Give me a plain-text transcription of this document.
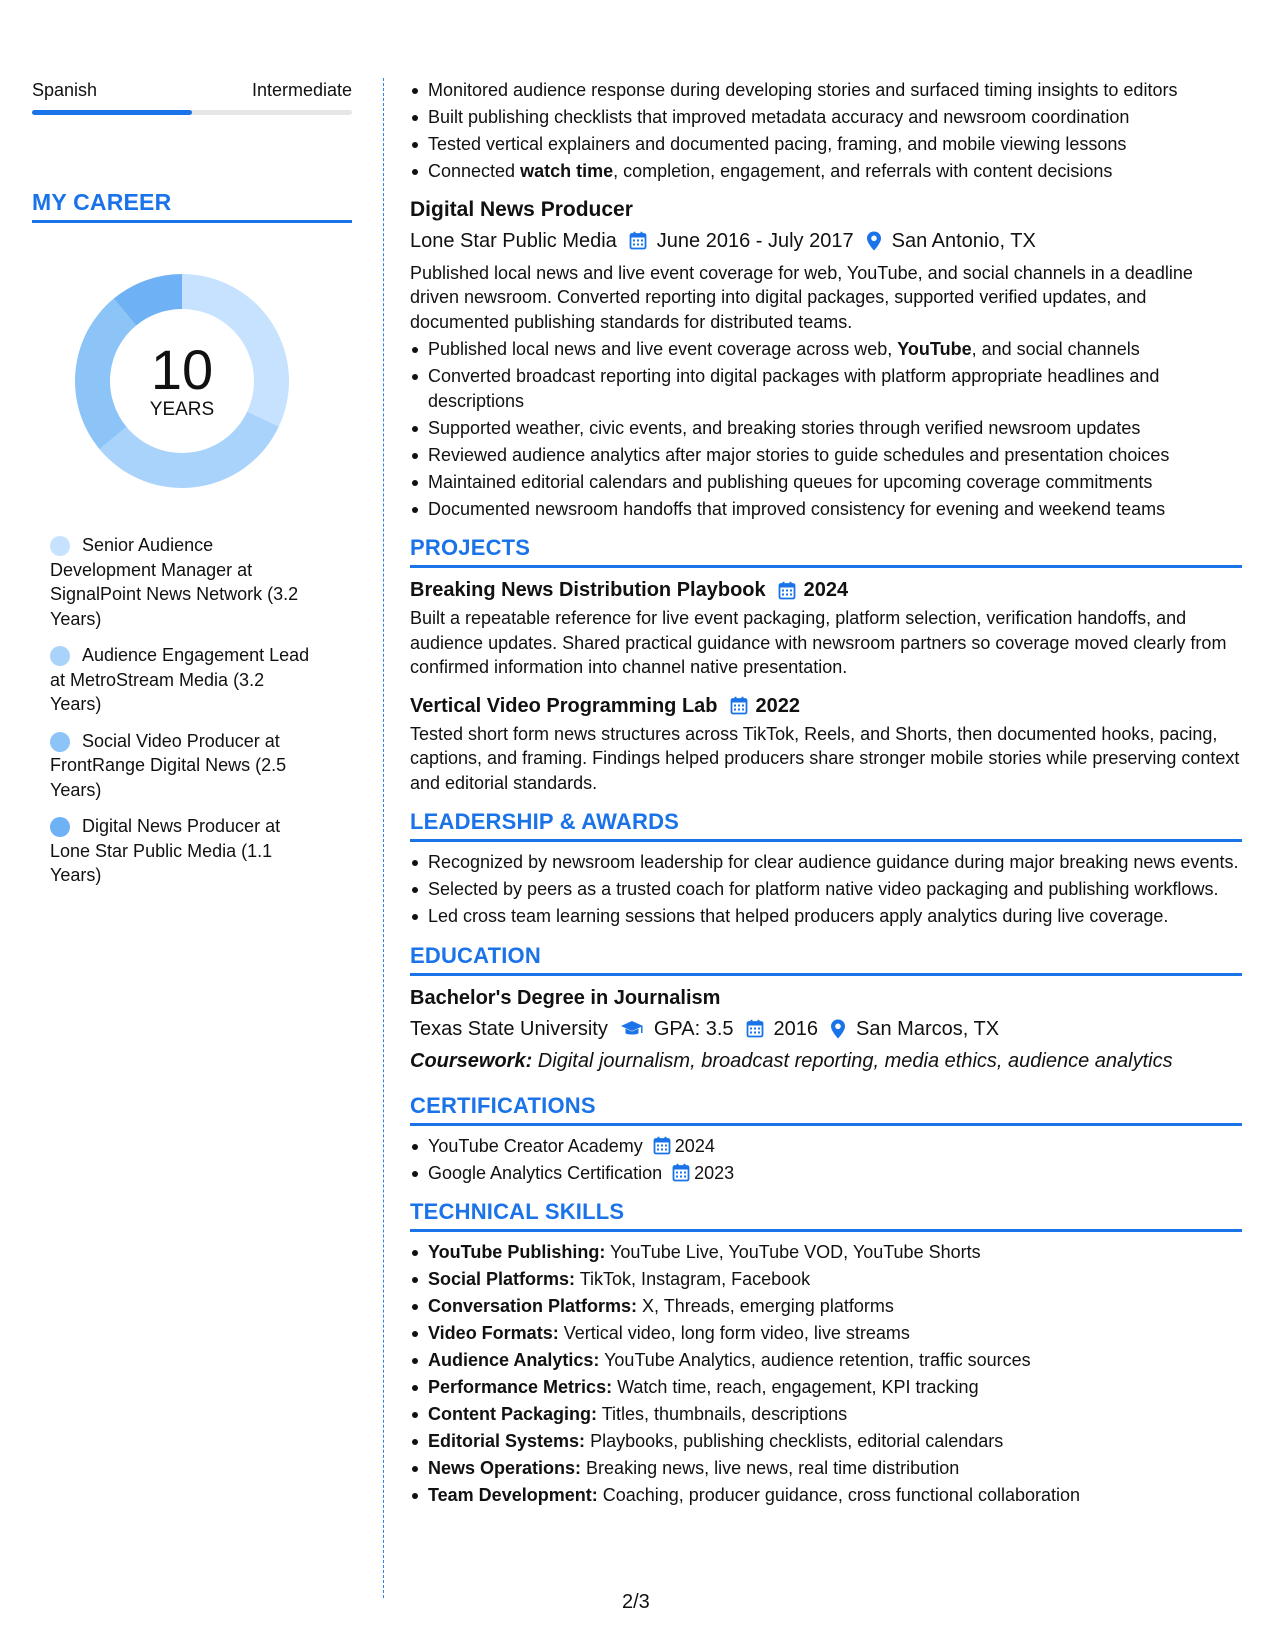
Spanish	Intermediate
MY CAREER
10
YEARS
Senior Audience Development Manager at SignalPoint News Network (3.2 Years)
Audience Engagement Lead at MetroStream Media (3.2 Years)
Social Video Producer at FrontRange Digital News (2.5 Years)
Digital News Producer at Lone Star Public Media (1.1 Years)
Monitored audience response during developing stories and surfaced timing insights to editors
Built publishing checklists that improved metadata accuracy and newsroom coordination
Tested vertical explainers and documented pacing, framing, and mobile viewing lessons
Connected watch time, completion, engagement, and referrals with content decisions
Digital News Producer
Lone Star Public Media June 2016 - July 2017 San Antonio, TX
Published local news and live event coverage for web, YouTube, and social channels in a deadline driven newsroom. Converted reporting into digital packages, supported verified updates, and documented publishing standards for distributed teams.
Published local news and live event coverage across web, YouTube, and social channels
Converted broadcast reporting into digital packages with platform appropriate headlines and descriptions
Supported weather, civic events, and breaking stories through verified newsroom updates
Reviewed audience analytics after major stories to guide schedules and presentation choices
Maintained editorial calendars and publishing queues for upcoming coverage commitments
Documented newsroom handoffs that improved consistency for evening and weekend teams
PROJECTS
Breaking News Distribution Playbook 2024
Built a repeatable reference for live event packaging, platform selection, verification handoffs, and audience updates. Shared practical guidance with newsroom partners so coverage moved clearly from confirmed information into channel native presentation.
Vertical Video Programming Lab 2022
Tested short form news structures across TikTok, Reels, and Shorts, then documented hooks, pacing, captions, and framing. Findings helped producers share stronger mobile stories while preserving context and editorial standards.
LEADERSHIP & AWARDS
Recognized by newsroom leadership for clear audience guidance during major breaking news events.
Selected by peers as a trusted coach for platform native video packaging and publishing workflows.
Led cross team learning sessions that helped producers apply analytics during live coverage.
EDUCATION
Bachelor's Degree in Journalism
Texas State University GPA: 3.5 2016 San Marcos, TX
Coursework: Digital journalism, broadcast reporting, media ethics, audience analytics
CERTIFICATIONS
YouTube Creator Academy 2024
Google Analytics Certification 2023
TECHNICAL SKILLS
YouTube Publishing: YouTube Live, YouTube VOD, YouTube Shorts
Social Platforms: TikTok, Instagram, Facebook
Conversation Platforms: X, Threads, emerging platforms
Video Formats: Vertical video, long form video, live streams
Audience Analytics: YouTube Analytics, audience retention, traffic sources
Performance Metrics: Watch time, reach, engagement, KPI tracking
Content Packaging: Titles, thumbnails, descriptions
Editorial Systems: Playbooks, publishing checklists, editorial calendars
News Operations: Breaking news, live news, real time distribution
Team Development: Coaching, producer guidance, cross functional collaboration
2/3
